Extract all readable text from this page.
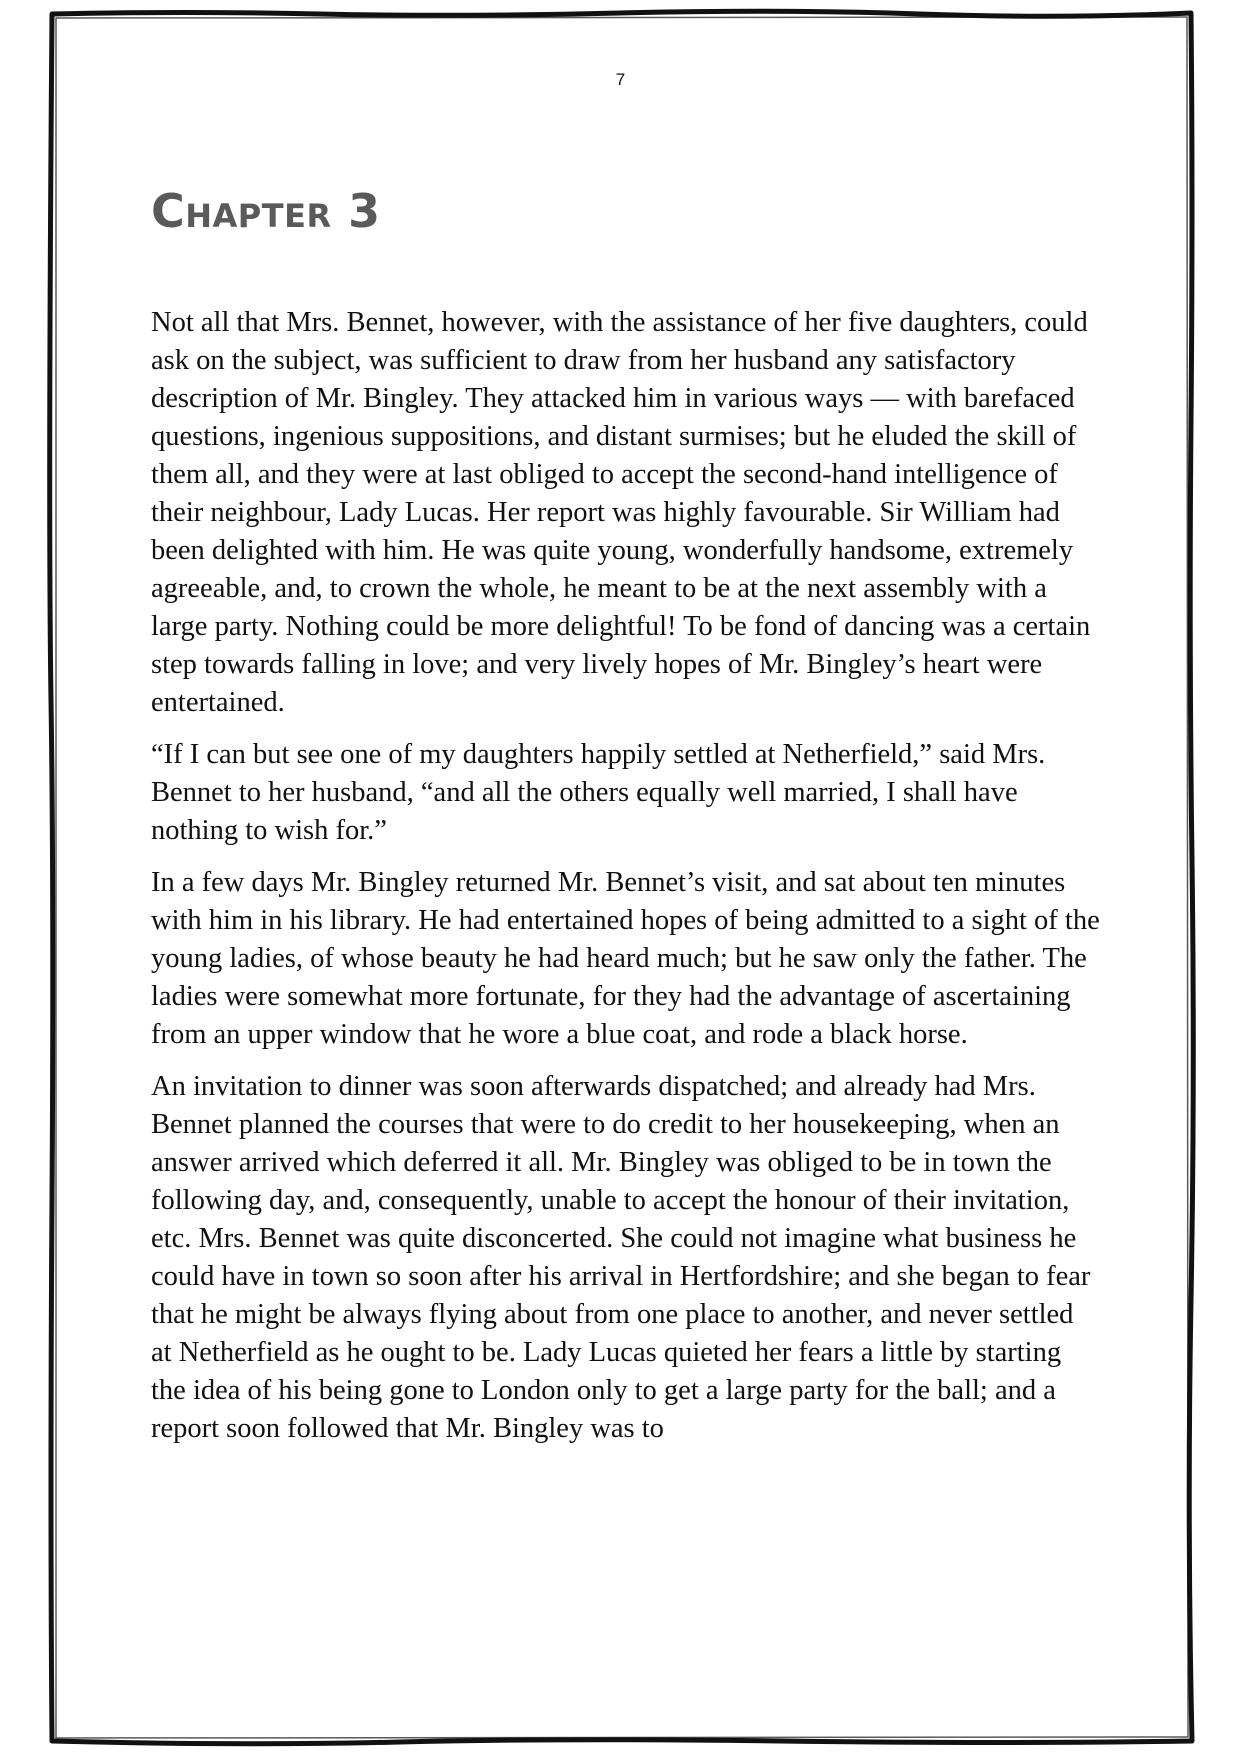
7
Chapter 3

Not all that Mrs. Bennet, however, with the assistance of her five daughters, could ask on the subject, was sufficient to draw from her husband any satisfactory description of Mr. Bingley. They attacked him in various ways — with barefaced questions, ingenious suppositions, and distant surmises; but he eluded the skill of them all, and they were at last obliged to accept the second-hand intelligence of their neighbour, Lady Lucas. Her report was highly favourable. Sir William had been delighted with him. He was quite young, wonderfully handsome, extremely agreeable, and, to crown the whole, he meant to be at the next assembly with a large party. Nothing could be more delightful! To be fond of dancing was a certain step towards falling in love; and very lively hopes of Mr. Bingley’s heart were entertained.

“If I can but see one of my daughters happily settled at Netherfield,” said Mrs. Bennet to her husband, “and all the others equally well married, I shall have nothing to wish for.”

In a few days Mr. Bingley returned Mr. Bennet’s visit, and sat about ten minutes with him in his library. He had entertained hopes of being admitted to a sight of the young ladies, of whose beauty he had heard much; but he saw only the father. The ladies were somewhat more fortunate, for they had the advantage of ascertaining from an upper window that he wore a blue coat, and rode a black horse.

An invitation to dinner was soon afterwards dispatched; and already had Mrs. Bennet planned the courses that were to do credit to her housekeeping, when an answer arrived which deferred it all. Mr. Bingley was obliged to be in town the following day, and, consequently, unable to accept the honour of their invitation, etc. Mrs. Bennet was quite disconcerted. She could not imagine what business he could have in town so soon after his arrival in Hertfordshire; and she began to fear that he might be always flying about from one place to another, and never settled at Netherfield as he ought to be. Lady Lucas quieted her fears a little by starting the idea of his being gone to London only to get a large party for the ball; and a report soon followed that Mr. Bingley was to
